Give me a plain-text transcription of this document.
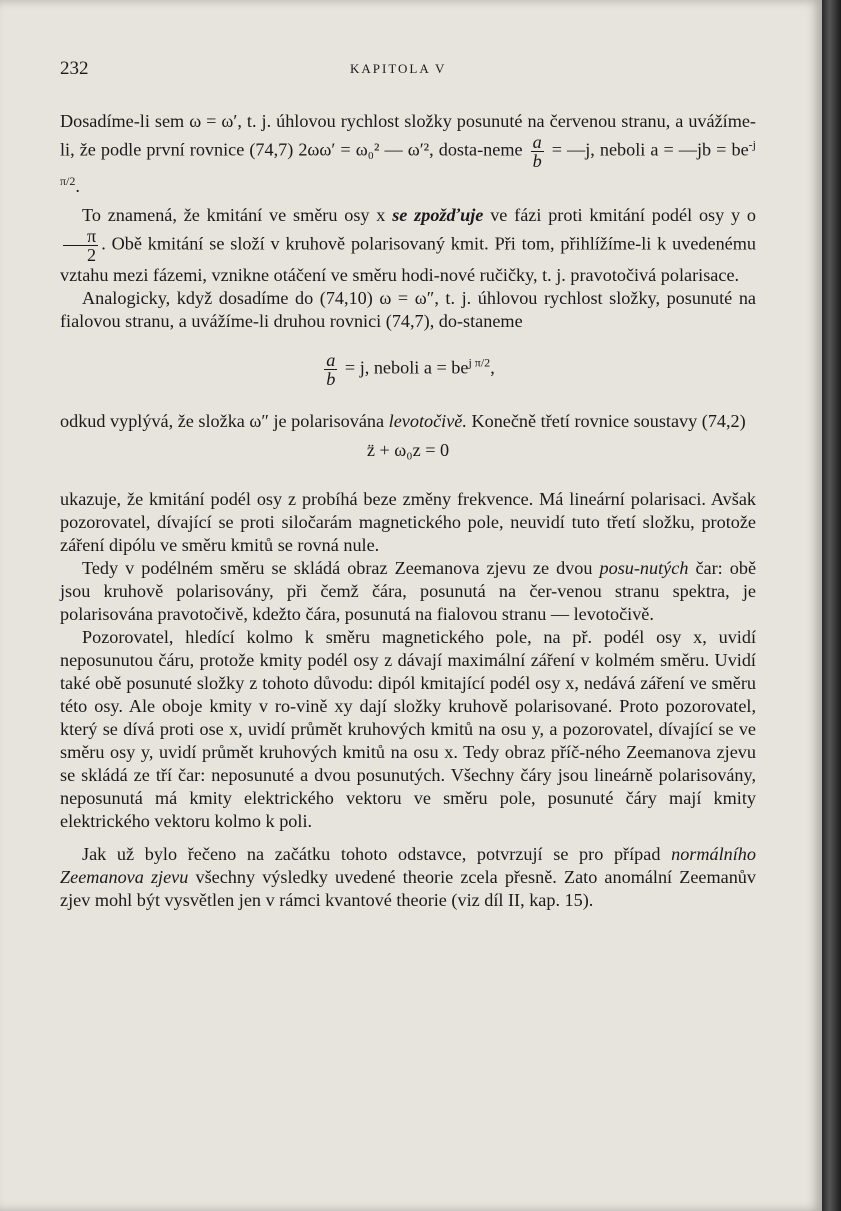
232	KAPITOLA V

Dosadíme-li sem ω = ω′, t. j. úhlovou rychlost složky posunuté na červenou stranu, a uvážíme-li, že podle první rovnice (74,7) 2ωω′ = ω₀² — ω′², dosta-neme $\frac{a}{b}$ = —j, neboli a = —jb = $be^{-j \pi/2}$.

To znamená, že kmitání ve směru osy x se zpožďuje ve fázi proti kmitání podél osy y o
$\frac{\pi}{2}$ . Obě kmitání se složí v kruhově polarisovaný kmit. Při tom, přihlížíme-li k uvedenému vztahu mezi fázemi, vznikne otáčení ve směru hodi-nové ručičky, t. j. pravotočivá polarisace.

Analogicky, když dosadíme do (74,10) ω = ω″, t. j. úhlovou rychlost složky, posunuté na fialovou stranu, a uvážíme-li druhou rovnici (74,7), do-staneme

$\frac{a}{b} = j$, neboli $a = be^{j \pi/2}$,

odkud vyplývá, že složka ω″ je polarisována levotočivě. Konečně třetí rovnice soustavy (74,2)

z̈ + ω₀z = 0

ukazuje, že kmitání podél osy z probíhá beze změny frekvence. Má lineární polarisaci. Avšak pozorovatel, dívající se proti siločarám magnetického pole, neuvidí tuto třetí složku, protože záření dipólu ve směru kmitů se rovná nule.

Tedy v podélném směru se skládá obraz Zeemanova zjevu ze dvou posu-nutých čar: obě jsou kruhově polarisovány, při čemž čára, posunutá na čer-venou stranu spektra, je polarisována pravotočivě, kdežto čára, posunutá na fialovou stranu — levotočivě.

Pozorovatel, hledící kolmo k směru magnetického pole, na př. podél osy x, uvidí neposunutou čáru, protože kmity podél osy z dávají maximální záření v kolmém směru. Uvidí také obě posunuté složky z tohoto důvodu: dipól kmitající podél osy x, nedává záření ve směru této osy. Ale oboje kmity v ro-vině xy dají složky kruhově polarisované. Proto pozorovatel, který se dívá proti ose x, uvidí průmět kruhových kmitů na osu y, a pozorovatel, dívající se ve směru osy y, uvidí průmět kruhových kmitů na osu x. Tedy obraz příč-ného Zeemanova zjevu se skládá ze tří čar: neposunuté a dvou posunutých. Všechny čáry jsou lineárně polarisovány, neposunutá má kmity elektrického vektoru ve směru pole, posunuté čáry mají kmity elektrického vektoru kolmo k poli.

Jak už bylo řečeno na začátku tohoto odstavce, potvrzují se pro případ normálního Zeemanova zjevu všechny výsledky uvedené theorie zcela přesně. Zato anomální Zeemanův zjev mohl být vysvětlen jen v rámci kvantové theorie (viz díl II, kap. 15).
